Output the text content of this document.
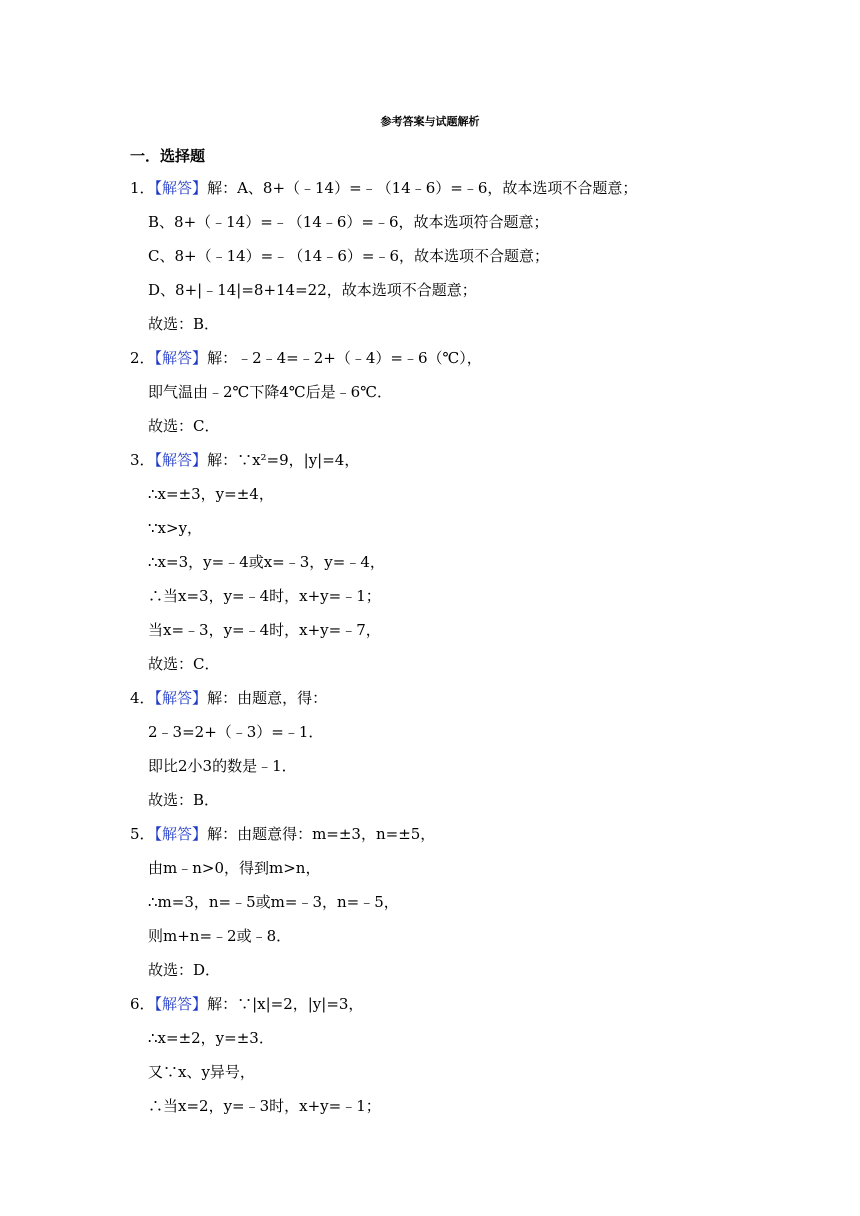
参考答案与试题解析
一．选择题
1．【解答】解：A、8+（﹣14）=﹣（14﹣6）=﹣6，故本选项不合题意；
B、8+（﹣14）=﹣（14﹣6）=﹣6，故本选项符合题意；
C、8+（﹣14）=﹣（14﹣6）=﹣6，故本选项不合题意；
D、8+|﹣14|=8+14=22，故本选项不合题意；
故选：B．
2．【解答】解：﹣2﹣4=﹣2+（﹣4）=﹣6（℃），
即气温由﹣2℃下降4℃后是﹣6℃．
故选：C．
3．【解答】解：∵x²=9，|y|=4，
∴x=±3，y=±4，
∵x>y，
∴x=3，y=﹣4或x=﹣3，y=﹣4，
∴当x=3，y=﹣4时，x+y=﹣1；
当x=﹣3，y=﹣4时，x+y=﹣7，
故选：C．
4．【解答】解：由题意，得：
2﹣3=2+（﹣3）=﹣1．
即比2小3的数是﹣1．
故选：B．
5．【解答】解：由题意得：m=±3，n=±5，
由m﹣n>0，得到m>n，
∴m=3，n=﹣5或m=﹣3，n=﹣5，
则m+n=﹣2或﹣8．
故选：D．
6．【解答】解：∵|x|=2，|y|=3，
∴x=±2，y=±3．
又∵x、y异号，
∴当x=2，y=﹣3时，x+y=﹣1；
